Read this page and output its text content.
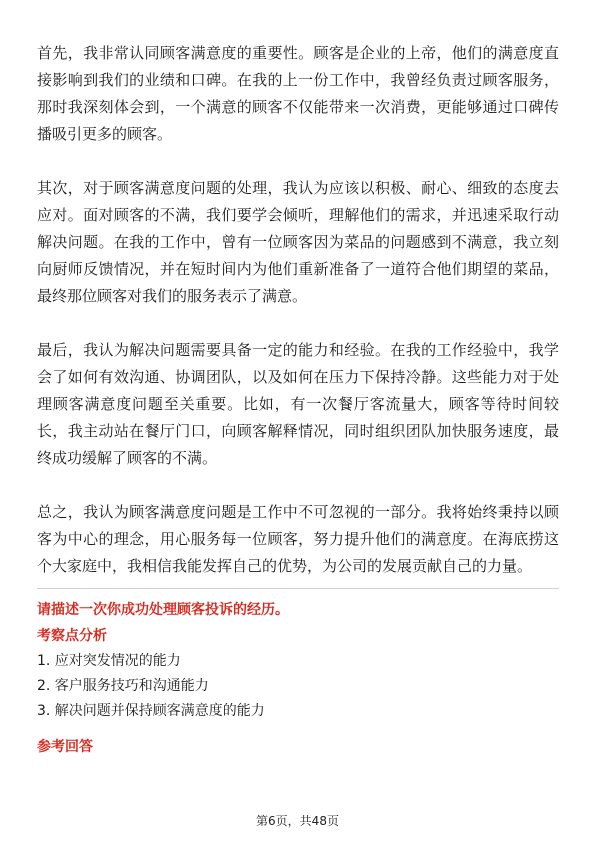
首先，我非常认同顾客满意度的重要性。顾客是企业的上帝，他们的满意度直接影响到我们的业绩和口碑。在我的上一份工作中，我曾经负责过顾客服务，那时我深刻体会到，一个满意的顾客不仅能带来一次消费，更能够通过口碑传播吸引更多的顾客。

其次，对于顾客满意度问题的处理，我认为应该以积极、耐心、细致的态度去应对。面对顾客的不满，我们要学会倾听，理解他们的需求，并迅速采取行动解决问题。在我的工作中，曾有一位顾客因为菜品的问题感到不满意，我立刻向厨师反馈情况，并在短时间内为他们重新准备了一道符合他们期望的菜品，最终那位顾客对我们的服务表示了满意。

最后，我认为解决问题需要具备一定的能力和经验。在我的工作经验中，我学会了如何有效沟通、协调团队，以及如何在压力下保持冷静。这些能力对于处理顾客满意度问题至关重要。比如，有一次餐厅客流量大，顾客等待时间较长，我主动站在餐厅门口，向顾客解释情况，同时组织团队加快服务速度，最终成功缓解了顾客的不满。

总之，我认为顾客满意度问题是工作中不可忽视的一部分。我将始终秉持以顾客为中心的理念，用心服务每一位顾客，努力提升他们的满意度。在海底捞这个大家庭中，我相信我能发挥自己的优势，为公司的发展贡献自己的力量。

请描述一次你成功处理顾客投诉的经历。

考察点分析

1. 应对突发情况的能力
2. 客户服务技巧和沟通能力
3. 解决问题并保持顾客满意度的能力

参考回答

第6页，共48页
